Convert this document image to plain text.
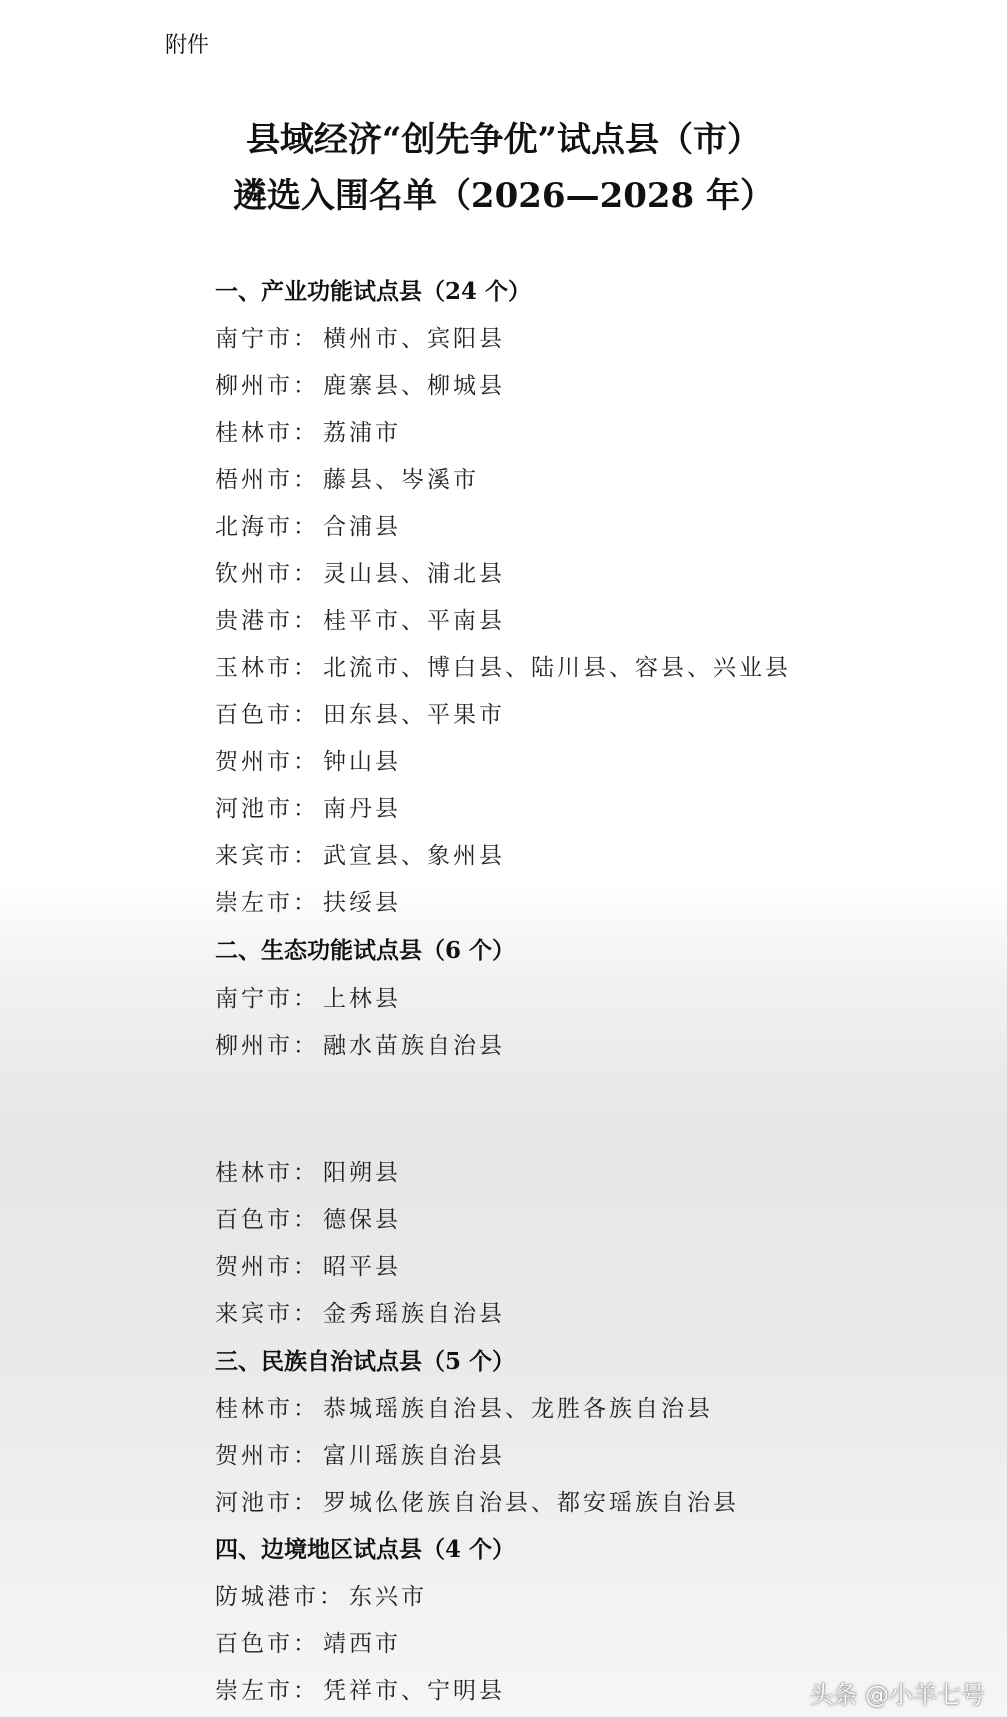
附件
县域经济“创先争优”试点县（市）
遴选入围名单（2026—2028 年）
一、产业功能试点县（24 个）
南宁市： 横州市、宾阳县
柳州市： 鹿寨县、柳城县
桂林市： 荔浦市
梧州市： 藤县、岑溪市
北海市： 合浦县
钦州市： 灵山县、浦北县
贵港市： 桂平市、平南县
玉林市： 北流市、博白县、陆川县、容县、兴业县
百色市： 田东县、平果市
贺州市： 钟山县
河池市： 南丹县
来宾市： 武宣县、象州县
崇左市： 扶绥县
二、生态功能试点县（6 个）
南宁市： 上林县
柳州市： 融水苗族自治县
桂林市： 阳朔县
百色市： 德保县
贺州市： 昭平县
来宾市： 金秀瑶族自治县
三、民族自治试点县（5 个）
桂林市： 恭城瑶族自治县、龙胜各族自治县
贺州市： 富川瑶族自治县
河池市： 罗城仫佬族自治县、都安瑶族自治县
四、边境地区试点县（4 个）
防城港市： 东兴市
百色市： 靖西市
崇左市： 凭祥市、宁明县	头条 @小羊七号
